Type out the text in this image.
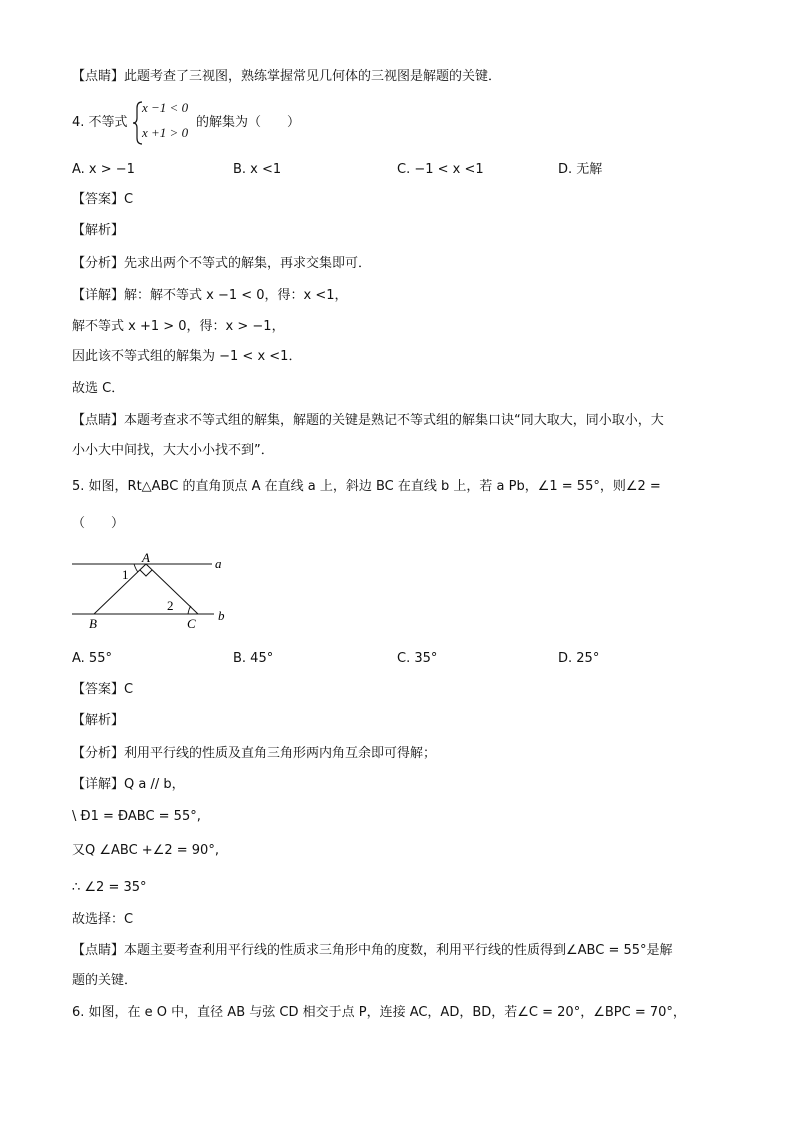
【点睛】此题考查了三视图，熟练掌握常见几何体的三视图是解题的关键．
4. 不等式
x −1 < 0
x +1 > 0
的解集为（　　）
A. x > −1	B. x <1	C. −1 < x <1	D. 无解
【答案】C
【解析】
【分析】先求出两个不等式的解集，再求交集即可．
【详解】解：解不等式 x −1 < 0，得：x <1，
解不等式 x +1 > 0，得：x > −1，
因此该不等式组的解集为 −1 < x <1．
故选 C．
【点睛】本题考查求不等式组的解集，解题的关键是熟记不等式组的解集口诀“同大取大，同小取小，大
小小大中间找，大大小小找不到”．
5. 如图，Rt△ABC 的直角顶点 A 在直线 a 上，斜边 BC 在直线 b 上，若 a Pb，∠1 = 55°，则∠2 =
（　　）
A
B	C
a
b
1
2
A. 55°	B. 45°	C. 35°	D. 25°
【答案】C
【解析】
【分析】利用平行线的性质及直角三角形两内角互余即可得解；
【详解】Q a // b，
\ Ð1 = ÐABC = 55°,
又Q ∠ABC +∠2 = 90°,
∴ ∠2 = 35°
故选择：C
【点睛】本题主要考查利用平行线的性质求三角形中角的度数，利用平行线的性质得到∠ABC = 55°是解
题的关键．
6. 如图，在 e O 中，直径 AB 与弦 CD 相交于点 P，连接 AC，AD，BD，若∠C = 20°，∠BPC = 70°，
